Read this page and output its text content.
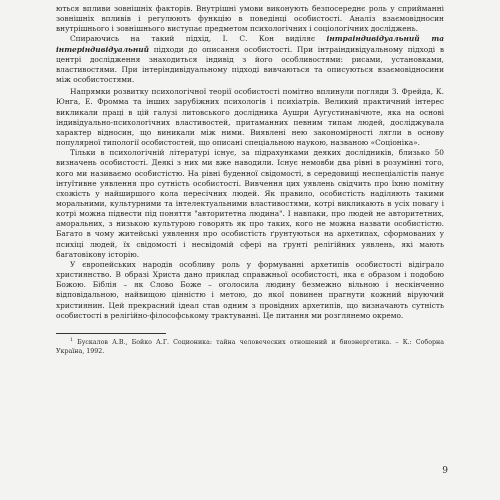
ються впливи зовнішніх факторів. Внутрішні умови виконують безпосереднє роль у сприйманні зовнішніх впливів і регулюють функцію в поведінці особистості. Аналіз взаємовідносин внутрішнього і зовнішнього виступає предметом психологічних і соціологічних досліджень.

Спираючись на такий підхід, І. С. Кон виділяє інтраіндивідуальний та інтеріндивідуальний підходи до описання особистості. При інтраіндивідуальному підході в центрі дослідження знаходиться індивід з його особливостями: рисами, установками, властивостями. При інтеріндивідуальному підході вивчаються та описуються взаємовідносини між особистостями.

Напрямки розвитку психологічної теорії особистості помітно вплинули погляди З. Фрейда, К. Юнга, Е. Фромма та інших зарубіжних психологів і психіатрів. Великий практичний інтерес викликали праці в цій галузі литовського дослідника Аушри Аугустинавічюте, яка на основі індивідуально-психологічних властивостей, притаманних певним типам людей, досліджувала характер відносин, що виникали між ними. Виявлені нею закономірності лягли в основу популярної типології особистостей, що описані спеціальною наукою, названою «Соціоніка».

Тільки в психологічній літературі існує, за підрахунками деяких дослідників, близько 50 визначень особистості. Деякі з них ми вже наводили. Існує немовби два рівні в розумінні того, кого ми називаємо особистістю. На рівні буденної свідомості, в середовищі неспеціалістів панує інтуїтивне уявлення про сутність особистості. Вивчення цих уявлень свідчить про їхню помітну схожість у найширшого кола пересічних людей. Як правило, особистість наділяють такими моральними, культурними та інтелектуальними властивостями, котрі викликають в усіх повагу і котрі можна підвести під поняття "авторитетна людина". І навпаки, про людей не авторитетних, аморальних, з низькою культурою говорять як про таких, кого не можна назвати особистістю. Багато в чому житейські уявлення про особистість ґрунтуються на архетипах, сформованих у психіці людей, їх свідомості і несвідомій сфері на ґрунті релігійних уявлень, які мають багатовікову історію.

У європейських народів особливу роль у формуванні архетипів особистості відіграло християнство. В образі Христа дано приклад справжньої особистості, яка є образом і подобою Божою. Біблія – як Слово Боже – оголосила людину безмежно вільною і нескінченно відповідальною, найвищою цінністю і метою, до якої повинен прагнути кожний віруючий християнин. Цей прекрасний ідеал став одним з провідних архетипів, що визначають сутність особистості в релігійно-філософському трактуванні. Це питання ми розглянемо окремо.

$^1$ Бускалов А.В., Бойко А.Г. Соционика: тайна человеческих отношений и биоэнергетика. – К.: Соборна Україна, 1992.

9
